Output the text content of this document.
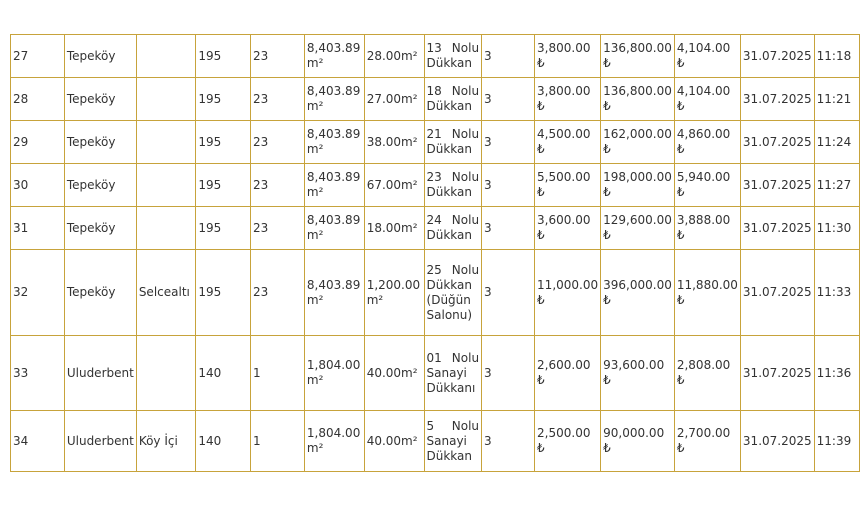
27	Tepeköy		195	23	8,403.89 m²	28.00m²	13 Nolu Dükkan	3	3,800.00 ₺	136,800.00 ₺	4,104.00 ₺	31.07.2025	11:18
28	Tepeköy		195	23	8,403.89 m²	27.00m²	18 Nolu Dükkan	3	3,800.00 ₺	136,800.00 ₺	4,104.00 ₺	31.07.2025	11:21
29	Tepeköy		195	23	8,403.89 m²	38.00m²	21 Nolu Dükkan	3	4,500.00 ₺	162,000.00 ₺	4,860.00 ₺	31.07.2025	11:24
30	Tepeköy		195	23	8,403.89 m²	67.00m²	23 Nolu Dükkan	3	5,500.00 ₺	198,000.00 ₺	5,940.00 ₺	31.07.2025	11:27
31	Tepeköy		195	23	8,403.89 m²	18.00m²	24 Nolu Dükkan	3	3,600.00 ₺	129,600.00 ₺	3,888.00 ₺	31.07.2025	11:30
32	Tepeköy	Selcealtı	195	23	8,403.89 m²	1,200.00 m²	25 Nolu Dükkan (Düğün Salonu)	3	11,000.00 ₺	396,000.00 ₺	11,880.00 ₺	31.07.2025	11:33
33	Uluderbent		140	1	1,804.00 m²	40.00m²	01 Nolu Sanayi Dükkanı	3	2,600.00 ₺	93,600.00 ₺	2,808.00 ₺	31.07.2025	11:36
34	Uluderbent	Köy İçi	140	1	1,804.00 m²	40.00m²	5 Nolu Sanayi Dükkan	3	2,500.00 ₺	90,000.00 ₺	2,700.00 ₺	31.07.2025	11:39
